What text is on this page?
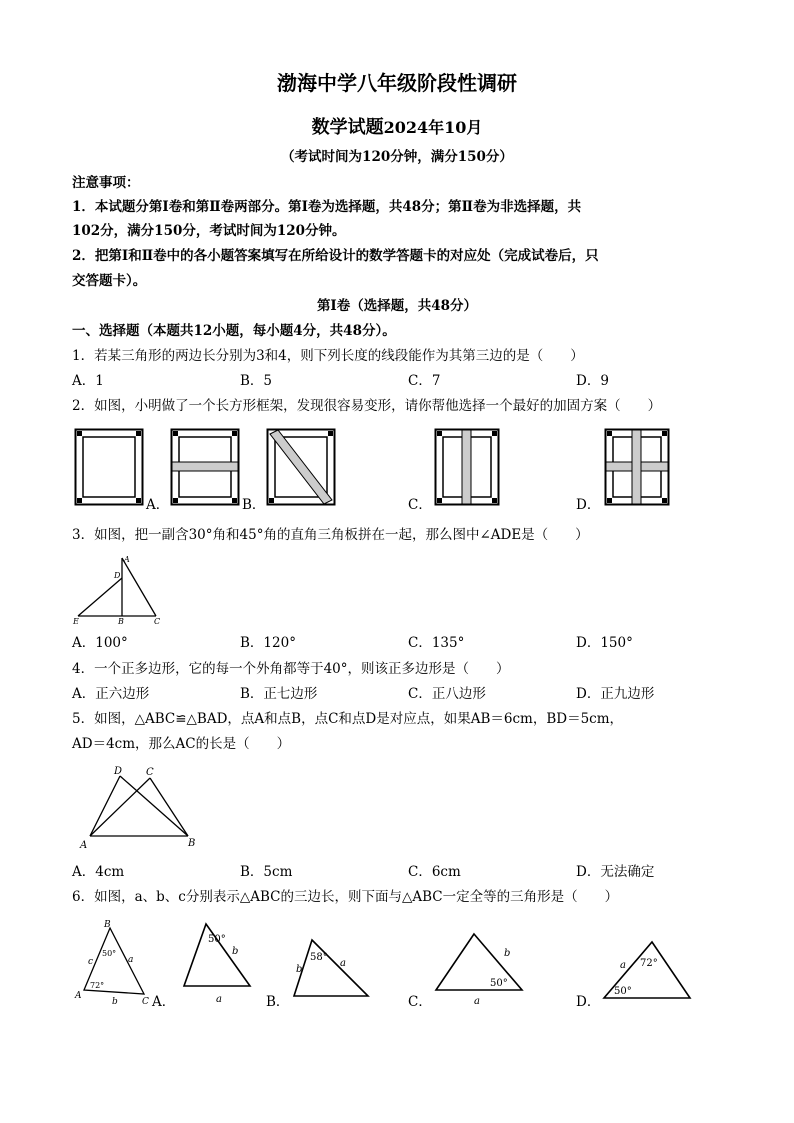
渤海中学八年级阶段性调研
数学试题2024年10月
（考试时间为120分钟，满分150分）
注意事项：
1．本试题分第Ⅰ卷和第Ⅱ卷两部分。第Ⅰ卷为选择题，共48分；第Ⅱ卷为非选择题，共
102分，满分150分，考试时间为120分钟。
2．把第Ⅰ和Ⅱ卷中的各小题答案填写在所给设计的数学答题卡的对应处（完成试卷后，只
交答题卡）。
第Ⅰ卷（选择题，共48分）
一、选择题（本题共12小题，每小题4分，共48分）。
1．若某三角形的两边长分别为3和4，则下列长度的线段能作为其第三边的是（　　）
A．1	B．5	C．7	D．9
2．如图，小明做了一个长方形框架，发现很容易变形，请你帮他选择一个最好的加固方案（　　）
A．	B．	C．	D．
3．如图，把一副含30°角和45°角的直角三角板拼在一起，那么图中∠ADE是（　　）
A
D
E	B	C
A．100°	B．120°	C．135°	D．150°
4．一个正多边形，它的每一个外角都等于40°，则该正多边形是（　　）
A．正六边形	B．正七边形	C．正八边形	D．正九边形
5．如图，△ABC≌△BAD，点A和点B，点C和点D是对应点，如果AB＝6cm，BD＝5cm，
AD＝4cm，那么AC的长是（　　）
D C
A	B
A．4cm	B．5cm	C．6cm	D．无法确定
6．如图，a、b、c分别表示△ABC的三边长，则下面与△ABC一定全等的三角形是（　　）
B
A
C
c	a
b
50°
72°
A．
50°
b
a	B．
58°
b
a
50°
b
a
C．
72°
50°
a
D．
